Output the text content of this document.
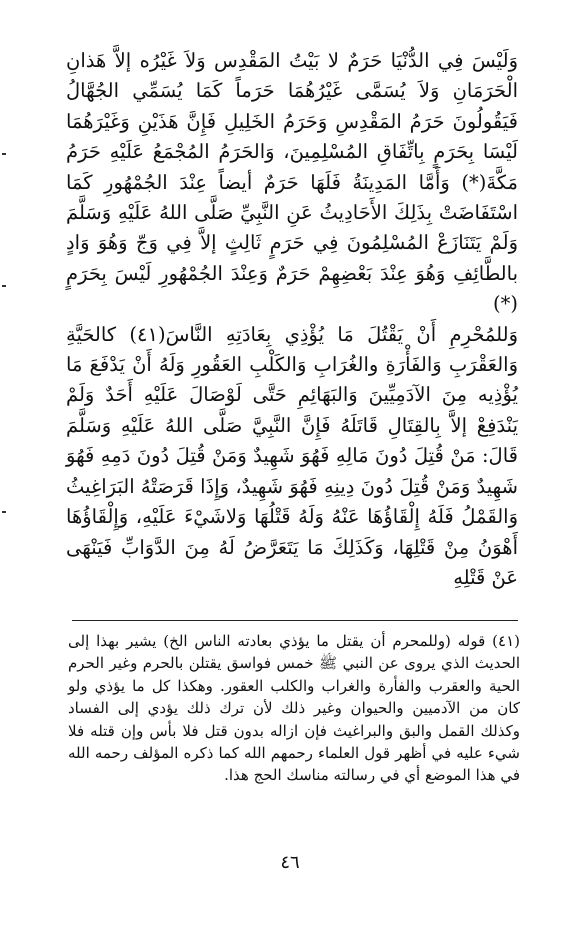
وَلَيْسَ فِي الدُّنْيَا حَرَمٌ لا بَيْتُ المَقْدِس وَلاَ غَيْرُه إلاَّ هَذانِ الْحَرَمَانِ وَلاَ يُسَمَّى غَيْرُهُمَا حَرَماً كَمَا يُسَمِّي الجُهَّالُ فَيَقُولُونَ حَرَمُ المَقْدِسِ وَحَرَمُ الخَلِيلِ فَإِنَّ هَذَيْنِ وَغَيْرَهُمَا لَيْسَا بِحَرَمٍ بِاتِّفَاقِ المُسْلِمِينَ، وَالحَرَمُ المُجْمَعُ عَلَيْهِ حَرَمُ مَكَّةَ(*) وَأَمَّا المَدِينَةُ فَلَهَا حَرَمٌ أيضاً عِنْدَ الجُمْهُورِ كَمَا اسْتَفَاضَتْ بِذَلِكَ الأَحَادِيثُ عَنِ النَّبِيِّ صَلَّى اللهُ عَلَيْهِ وَسَلَّمَ وَلَمْ يَتَنَازَعْ المُسْلِمُونَ فِي حَرَمٍ ثَالِثٍ إلاَّ فِي وَجّ وَهُوَ وَادٍ بالطَّائِفِ وَهُوَ عِنْدَ بَعْضِهِمْ حَرَمٌ وَعِنْدَ الجُمْهُورِ لَيْسَ بِحَرَمٍ (*)

وَللمُحْرِمِ أَنْ يَقْتُلَ مَا يُؤْذِي بِعَادَتِهِ النَّاسَ(٤١) كالحَيَّةِ وَالعَقْرَبِ وَالفَأْرَةِ والغُرَابِ وَالكَلْبِ العَقُورِ وَلَهُ أَنْ يَدْفَعَ مَا يُؤْذِيه مِنَ الآدَمِيِّينَ وَالبَهَائِمِ حَتَّى لَوْصَالَ عَلَيْهِ أَحَدٌ وَلَمْ يَنْدَفِعْ إلاَّ بِالقِتَالِ قَاتَلَهُ فَإِنَّ النَّبِيَّ صَلَّى اللهُ عَلَيْهِ وَسَلَّمَ قَالَ: مَنْ قُتِلَ دُونَ مَالِهِ فَهُوَ شَهِيدٌ وَمَنْ قُتِلَ دُونَ دَمِهِ فَهُوَ شَهِيدٌ وَمَنْ قُتِلَ دُونَ دِينِهِ فَهُوَ شَهِيدٌ، وَإِذَا قَرَصَتْهُ البَرَاغِيثُ وَالقَمْلُ فَلَهُ إِلْقَاؤُهَا عَنْهُ وَلَهُ قَتْلُهَا وَلاشَيْءَ عَلَيْهِ، وَإِلْقَاؤُهَا أَهْوَنُ مِنْ قَتْلِهَا، وَكَذَلِكَ مَا يَتَعَرَّضُ لَهُ مِنَ الدَّوَابِّ فَيَنْهَى عَنْ قَتْلِهِ

(٤١) قوله (وللمحرم أن يقتل ما يؤذي بعادته الناس الخ) يشير بهذا إلى الحديث الذي يروى عن النبي ﷺ خمس فواسق يقتلن بالحرم وغير الحرم الحية والعقرب والفأرة والغراب والكلب العقور. وهكذا كل ما يؤذي ولو كان من الآدميين والحيوان وغير ذلك لأن ترك ذلك يؤدي إلى الفساد وكذلك القمل والبق والبراغيث فإن ازاله بدون قتل فلا بأس وإن قتله فلا شيء عليه في أظهر قول العلماء رحمهم الله كما ذكره المؤلف رحمه الله في هذا الموضع أي في رسالته مناسك الحج هذا.

٤٦
